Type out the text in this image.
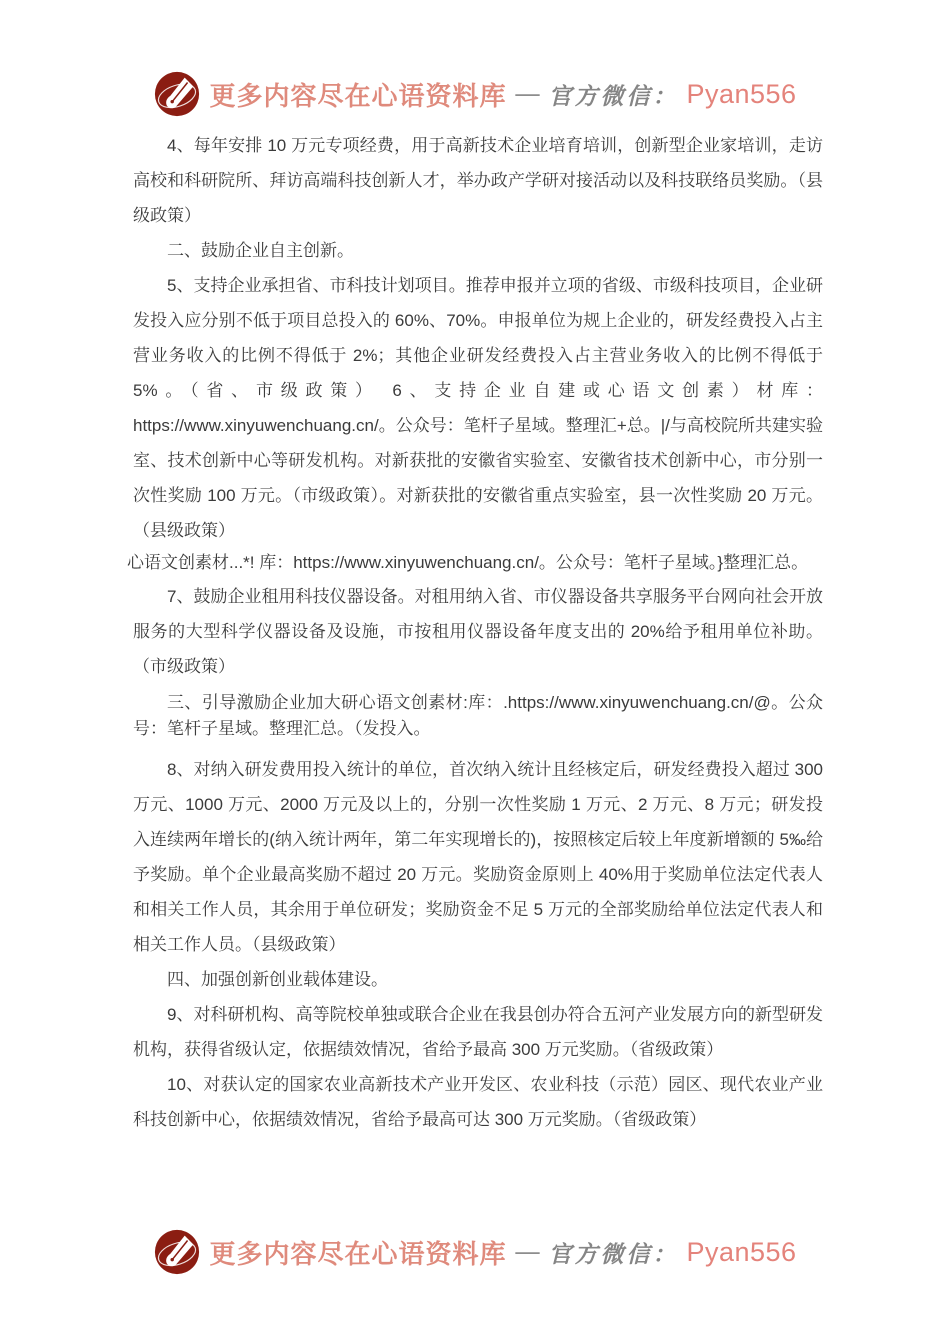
更多内容尽在心语资料库 — 官方微信： Pyan556

4、每年安排 10 万元专项经费，用于高新技术企业培育培训，创新型企业家培训，走访高校和科研院所、拜访高端科技创新人才，举办政产学研对接活动以及科技联络员奖励。（县级政策）

二、鼓励企业自主创新。

5、支持企业承担省、市科技计划项目。推荐申报并立项的省级、市级科技项目，企业研发投入应分别不低于项目总投入的 60%、70%。申报单位为规上企业的，研发经费投入占主营业务收入的比例不得低于 2%；其他企业研发经费投入占主营业务收入的比例不得低于 5%。（省、市级政策） 6、支持企业自建或心语文创素）材库：https://www.xinyuwenchuang.cn/。公众号：笔杆子星域。整理汇+总。|/与高校院所共建实验室、技术创新中心等研发机构。对新获批的安徽省实验室、安徽省技术创新中心，市分别一次性奖励 100 万元。（市级政策）。对新获批的安徽省重点实验室，县一次性奖励 20 万元。（县级政策）

心语文创素材...*! 库：https://www.xinyuwenchuang.cn/。公众号：笔杆子星域。}整理汇总。

7、鼓励企业租用科技仪器设备。对租用纳入省、市仪器设备共享服务平台网向社会开放服务的大型科学仪器设备及设施，市按租用仪器设备年度支出的 20%给予租用单位补助。（市级政策）

三、引导激励企业加大研心语文创素材:库：.https://www.xinyuwenchuang.cn/@。公众号：笔杆子星域。整理汇总。（发投入。

8、对纳入研发费用投入统计的单位，首次纳入统计且经核定后，研发经费投入超过 300 万元、1000 万元、2000 万元及以上的，分别一次性奖励 1 万元、2 万元、8 万元；研发投入连续两年增长的(纳入统计两年，第二年实现增长的)，按照核定后较上年度新增额的 5‰给予奖励。单个企业最高奖励不超过 20 万元。奖励资金原则上 40%用于奖励单位法定代表人和相关工作人员，其余用于单位研发；奖励资金不足 5 万元的全部奖励给单位法定代表人和相关工作人员。（县级政策）

四、加强创新创业载体建设。

9、对科研机构、高等院校单独或联合企业在我县创办符合五河产业发展方向的新型研发机构，获得省级认定，依据绩效情况，省给予最高 300 万元奖励。（省级政策）

10、对获认定的国家农业高新技术产业开发区、农业科技（示范）园区、现代农业产业科技创新中心，依据绩效情况，省给予最高可达 300 万元奖励。（省级政策）

更多内容尽在心语资料库 — 官方微信： Pyan556
